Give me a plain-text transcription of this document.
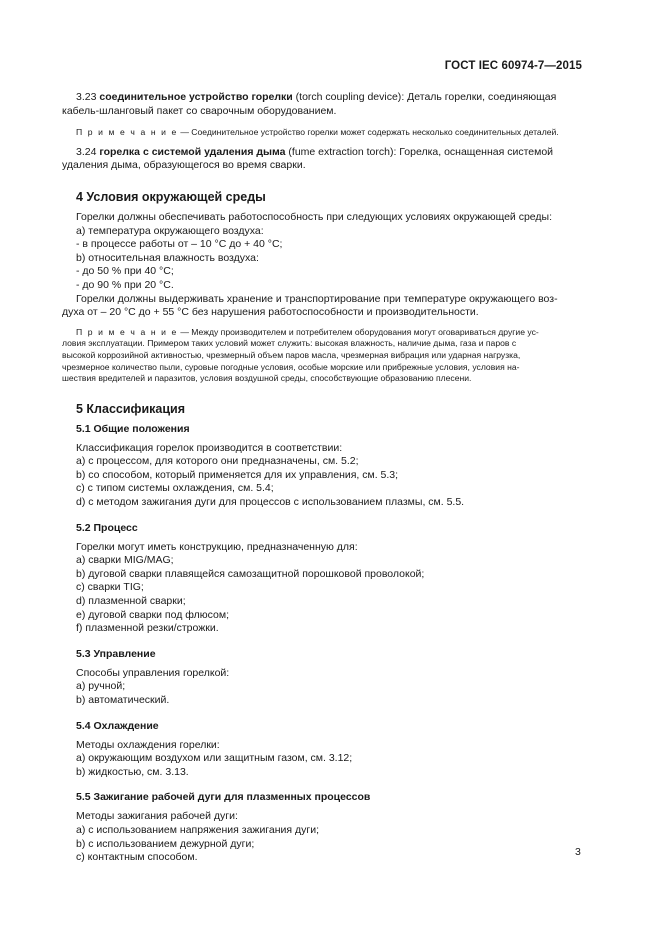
ГОСТ IEC 60974-7—2015

3.23 соединительное устройство горелки (torch coupling device): Деталь горелки, соединяющая
кабель-шланговый пакет со сварочным оборудованием.

П р и м е ч а н и е — Соединительное устройство горелки может содержать несколько соединительных деталей.

3.24 горелка с системой удаления дыма (fume extraction torch): Горелка, оснащенная системой
удаления дыма, образующегося во время сварки.

4 Условия окружающей среды

Горелки должны обеспечивать работоспособность при следующих условиях окружающей среды:

a) температура окружающего воздуха:

- в процессе работы от – 10 °С до + 40 °С;

b) относительная влажность воздуха:

- до 50 % при 40 °С;

- до 90 % при 20 °С.

Горелки должны выдерживать хранение и транспортирование при температуре окружающего воз-
духа от – 20 °С до + 55 °С без нарушения работоспособности и производительности.

П р и м е ч а н и е — Между производителем и потребителем оборудования могут оговариваться другие ус-
ловия эксплуатации. Примером таких условий может служить: высокая влажность, наличие дыма, газа и паров с
высокой коррозийной активностью, чрезмерный объем паров масла, чрезмерная вибрация или ударная нагрузка,
чрезмерное количество пыли, суровые погодные условия, особые морские или прибрежные условия, условия на-
шествия вредителей и паразитов, условия воздушной среды, способствующие образованию плесени.

5 Классификация
5.1 Общие положения

Классификация горелок производится в соответствии:

a) с процессом, для которого они предназначены, см. 5.2;

b) со способом, который применяется для их управления, см. 5.3;

c) с типом системы охлаждения, см. 5.4;

d) с методом зажигания дуги для процессов с использованием плазмы, см. 5.5.

5.2 Процесс

Горелки могут иметь конструкцию, предназначенную для:

a) сварки MIG/MAG;

b) дуговой сварки плавящейся самозащитной порошковой проволокой;

c) сварки TIG;

d) плазменной сварки;

e) дуговой сварки под флюсом;

f) плазменной резки/строжки.

5.3 Управление

Способы управления горелкой:

a) ручной;

b) автоматический.

5.4 Охлаждение

Методы охлаждения горелки:

a) окружающим воздухом или защитным газом, см. 3.12;

b) жидкостью, см. 3.13.

5.5 Зажигание рабочей дуги для плазменных процессов

Методы зажигания рабочей дуги:

a) с использованием напряжения зажигания дуги;

b) с использованием дежурной дуги;

c) контактным способом.	3
